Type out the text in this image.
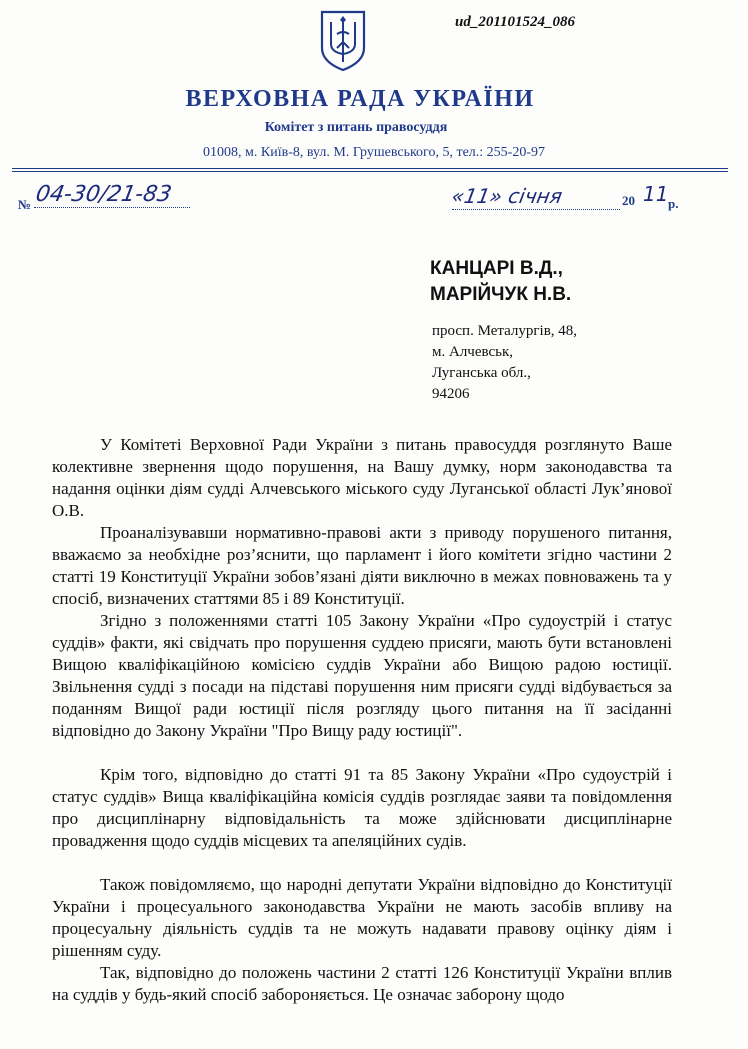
ud_201101524_086
ВЕРХОВНА РАДА УКРАЇНИ
Комітет з питань правосуддя
01008, м. Київ-8, вул. М. Грушевського, 5, тел.: 255-20-97
№ 04-30/21-83	«11» січня	20 11 р.
КАНЦАРІ В.Д.,
МАРІЙЧУК Н.В.
просп. Металургів, 48,
м. Алчевськ,
Луганська обл.,
94206
У Комітеті Верховної Ради України з питань правосуддя розглянуто Ваше колективне звернення щодо порушення, на Вашу думку, норм законодавства та надання оцінки діям судді Алчевського міського суду Луганської області Лук’янової О.В.
Проаналізувавши нормативно-правові акти з приводу порушеного питання, вважаємо за необхідне роз’яснити, що парламент і його комітети згідно частини 2 статті 19 Конституції України зобов’язані діяти виключно в межах повноважень та у спосіб, визначених статтями 85 і 89 Конституції.
Згідно з положеннями статті 105 Закону України «Про судоустрій і статус суддів» факти, які свідчать про порушення суддею присяги, мають бути встановлені Вищою кваліфікаційною комісією суддів України або Вищою радою юстиції. Звільнення судді з посади на підставі порушення ним присяги судді відбувається за поданням Вищої ради юстиції після розгляду цього питання на її засіданні відповідно до Закону України "Про Вищу раду юстиції".
Крім того, відповідно до статті 91 та 85 Закону України «Про судоустрій і статус суддів» Вища кваліфікаційна комісія суддів розглядає заяви та повідомлення про дисциплінарну відповідальність та може здійснювати дисциплінарне провадження щодо суддів місцевих та апеляційних судів.
Також повідомляємо, що народні депутати України відповідно до Конституції України і процесуального законодавства України не мають засобів впливу на процесуальну діяльність суддів та не можуть надавати правову оцінку діям і рішенням суду.
Так, відповідно до положень частини 2 статті 126 Конституції України вплив на суддів у будь-який спосіб забороняється. Це означає заборону щодо
